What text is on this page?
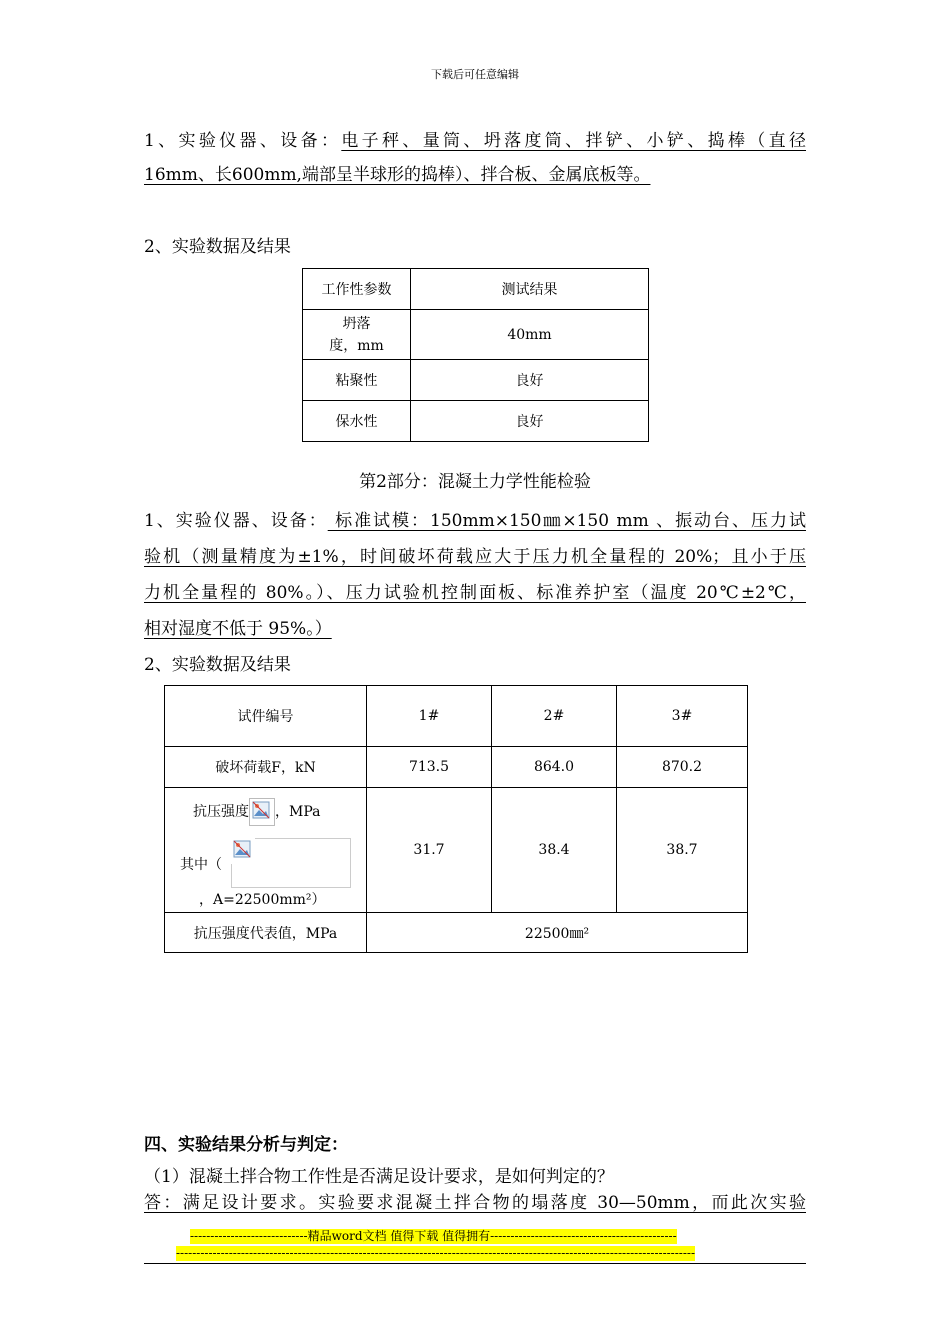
下载后可任意编辑
1、实验仪器、设备：电子秤、量筒、坍落度筒、拌铲、小铲、捣棒（直径
16mm、长600mm,端部呈半球形的捣棒）、拌合板、金属底板等。
2、实验数据及结果
工作性参数	测试结果

坍落
度，mm	40mm
粘聚性	良好
保水性	良好
第2部分：混凝土力学性能检验
1、实验仪器、设备： 标准试模：150mm×150㎜×150 mm 、振动台、压力试
验机（测量精度为±1%，时间破坏荷载应大于压力机全量程的 20%；且小于压
力机全量程的 80%。）、压力试验机控制面板、标准养护室（温度 20℃±2℃，
相对湿度不低于 95%。）
2、实验数据及结果
试件编号	1#	2#	3#
破坏荷载F，kN	713.5	864.0	870.2

抗压强度 ，MPa
其中（
，A=22500mm²）	31.7	38.4	38.7
抗压强度代表值，MPa	22500㎜²		
四、实验结果分析与判定：
（1）混凝土拌合物工作性是否满足设计要求，是如何判定的？
答：满足设计要求。实验要求混凝土拌合物的塌落度 30—50mm，而此次实验
-----------------------------精品word文档 值得下载 值得拥有----------------------------------------------
--------------------------------------------------------------------------------------------------------------------------------
